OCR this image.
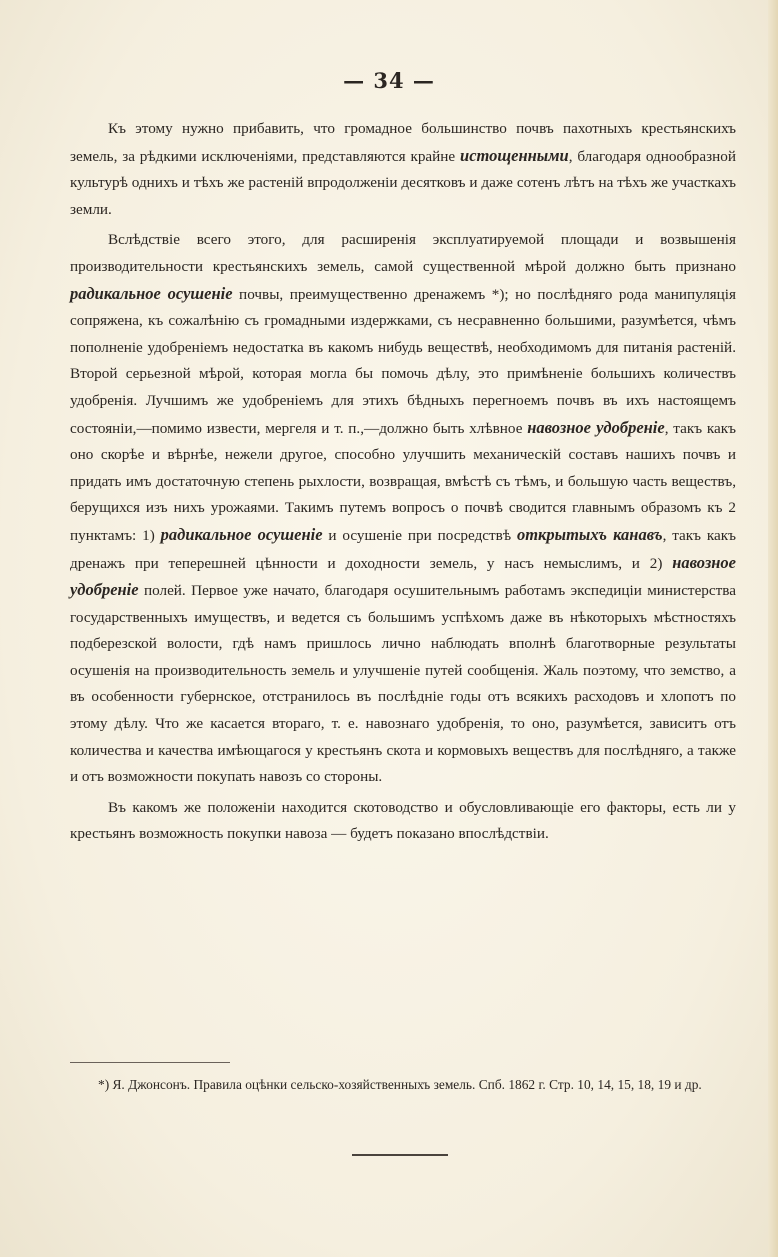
— 34 —

Къ этому нужно прибавить, что громадное большинство почвъ пахотныхъ крестьянскихъ земель, за рѣдкими исключеніями, представляются крайне истощенными, благодаря однообразной культурѣ однихъ и тѣхъ же растеній впродолженіи десятковъ и даже сотенъ лѣтъ на тѣхъ же участкахъ земли.

Вслѣдствіе всего этого, для расширенія эксплуатируемой площади и возвышенія производительности крестьянскихъ земель, самой существенной мѣрой должно быть признано радикальное осушеніе почвы, преимущественно дренажемъ *); но послѣдняго рода манипуляція сопряжена, къ сожалѣнію съ громадными издержками, съ несравненно большими, разумѣется, чѣмъ пополненіе удобреніемъ недостатка въ какомъ нибудь веществѣ, необходимомъ для питанія растеній. Второй серьезной мѣрой, которая могла бы помочь дѣлу, это примѣненіе большихъ количествъ удобренія. Лучшимъ же удобреніемъ для этихъ бѣдныхъ перегноемъ почвъ въ ихъ настоящемъ состояніи,—помимо извести, мергеля и т. п.,—должно быть хлѣвное навозное удобреніе, такъ какъ оно скорѣе и вѣрнѣе, нежели другое, способно улучшить механическій составъ нашихъ почвъ и придать имъ достаточную степень рыхлости, возвращая, вмѣстѣ съ тѣмъ, и большую часть веществъ, берущихся изъ нихъ урожаями. Такимъ путемъ вопросъ о почвѣ сводится главнымъ образомъ къ 2 пунктамъ: 1) радикальное осушеніе и осушеніе при посредствѣ открытыхъ канавъ, такъ какъ дренажъ при теперешней цѣнности и доходности земель, у насъ немыслимъ, и 2) навозное удобреніе полей. Первое уже начато, благодаря осушительнымъ работамъ экспедиціи министерства государственныхъ имуществъ, и ведется съ большимъ успѣхомъ даже въ нѣкоторыхъ мѣстностяхъ подберезской волости, гдѣ намъ пришлось лично наблюдать вполнѣ благотворные результаты осушенія на производительность земель и улучшеніе путей сообщенія. Жаль поэтому, что земство, а въ особенности губернское, отстранилось въ послѣдніе годы отъ всякихъ расходовъ и хлопотъ по этому дѣлу. Что же касается втораго, т. е. навознаго удобренія, то оно, разумѣется, зависитъ отъ количества и качества имѣющагося у крестьянъ скота и кормовыхъ веществъ для послѣдняго, а также и отъ возможности покупать навозъ со стороны.

Въ какомъ же положеніи находится скотоводство и обусловливающіе его факторы, есть ли у крестьянъ возможность покупки навоза — будетъ показано впослѣдствіи.

*) Я. Джонсонъ. Правила оцѣнки сельско-хозяйственныхъ земель. Спб. 1862 г. Стр. 10, 14, 15, 18, 19 и др.
